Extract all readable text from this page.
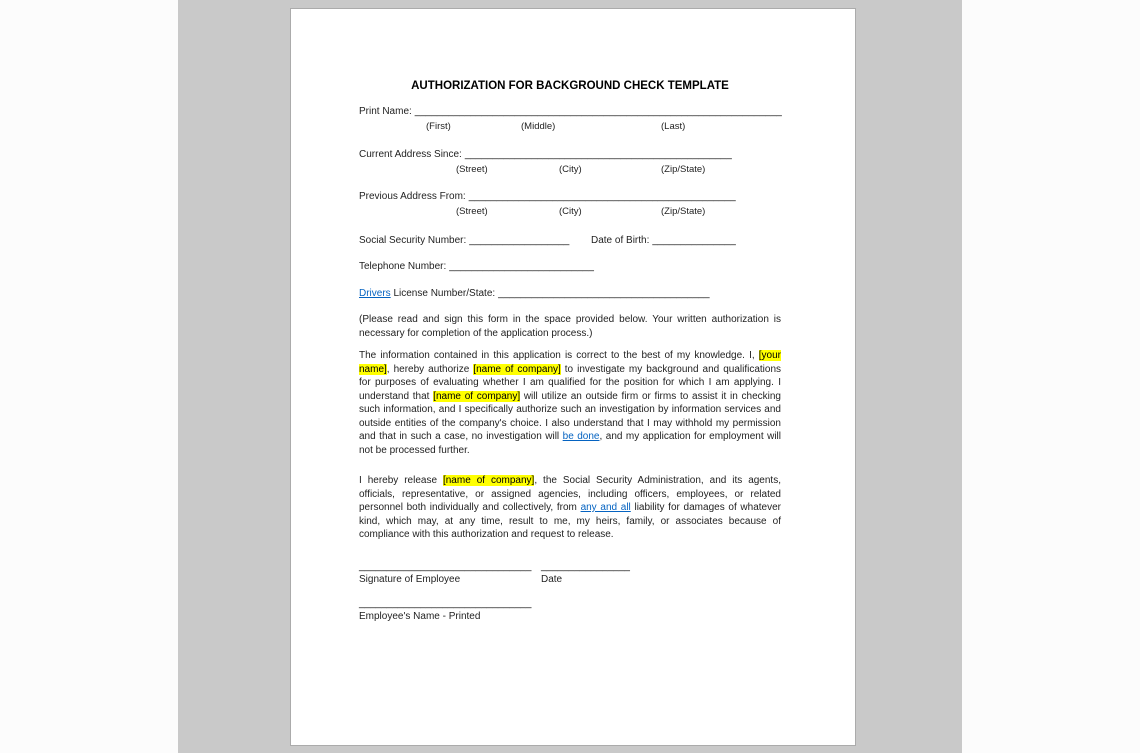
AUTHORIZATION FOR BACKGROUND CHECK TEMPLATE
Print Name: __________________________________________________________________
(First)	(Middle)	(Last)
Current Address Since: ________________________________________________
(Street)	(City)	(Zip/State)
Previous Address From: ________________________________________________
(Street)	(City)	(Zip/State)
Social Security Number: __________________ Date of Birth: _______________
Telephone Number: __________________________
Drivers License Number/State: ______________________________________
(Please read and sign this form in the space provided below. Your written authorization is necessary for completion of the application process.)
The information contained in this application is correct to the best of my knowledge. I, [your name], hereby authorize [name of company] to investigate my background and qualifications for purposes of evaluating whether I am qualified for the position for which I am applying. I understand that [name of company] will utilize an outside firm or firms to assist it in checking such information, and I specifically authorize such an investigation by information services and outside entities of the company's choice. I also understand that I may withhold my permission and that in such a case, no investigation will be done, and my application for employment will not be processed further.
I hereby release [name of company], the Social Security Administration, and its agents, officials, representative, or assigned agencies, including officers, employees, or related personnel both individually and collectively, from any and all liability for damages of whatever kind, which may, at any time, result to me, my heirs, family, or associates because of compliance with this authorization and request to release.
_______________________________ ________________
Signature of Employee	Date
_______________________________
Employee's Name - Printed
